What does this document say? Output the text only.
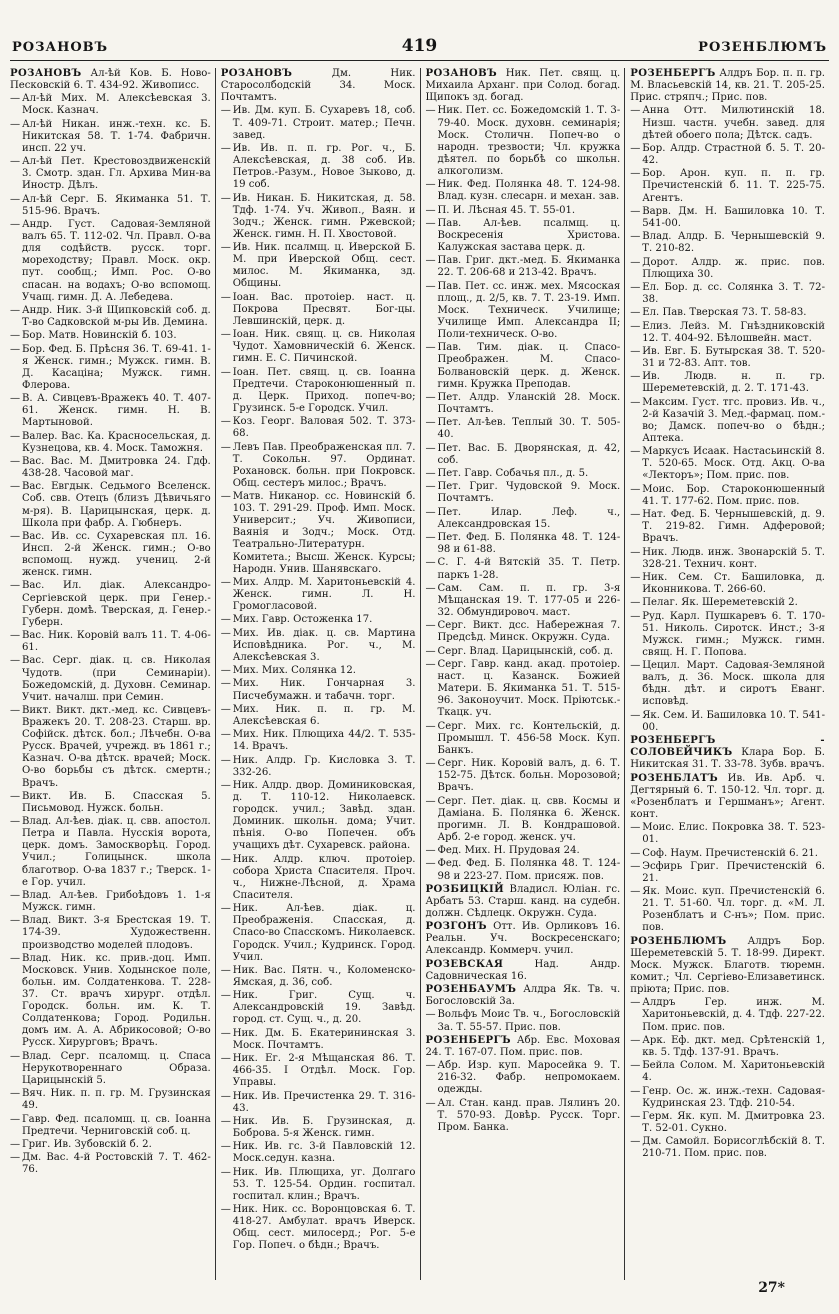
РОЗАНОВЪ	419	РОЗЕНБЛЮМЪ
РОЗАНОВЪ Ал-ѣй Ков. Б. Ново-Песковскій 6. Т. 434-92. Живописс.
— Ал-ѣй Мих. М. Алексѣевская 3. Моск. Казнач.
— Ал-ѣй Никан. инж.-техн. кс. Б. Никитская 58. Т. 1-74. Фабричн. инсп. 22 уч.
— Ал-ѣй Пет. Крестовоздвиженскій 3. Смотр. здан. Гл. Архива Мин-ва Иностр. Дѣлъ.
— Ал-ѣй Серг. Б. Якиманка 51. Т. 515-96. Врачъ.
— Андр. Густ. Садовая-Земляной валъ 65. Т. 112-02. Чл. Правл. О-ва для содѣйств. русск. торг. мореходству; Правл. Моск. окр. пут. сообщ.; Имп. Рос. О-во спасан. на водахъ; О-во вспомощ. Учащ. гимн. Д. А. Лебедева.
— Андр. Ник. 3-й Щипковскій соб. д. Т-во Садковской м-ры Ив. Демина.
— Бор. Матв. Новинскій б. 103.
— Бор. Фед. Б. Прѣсня 36. Т. 69-41. 1-я Женск. гимн.; Мужск. гимн. В. Д. Касаціна; Мужск. гимн. Флерова.
— В. А. Сивцевъ-Вражекъ 40. Т. 407-61. Женск. гимн. Н. В. Мартыновой.
— Валер. Вас. Ка. Красносельская, д. Кузнецова, кв. 4. Моск. Таможня.
— Вас. Вас. М. Дмитровка 24. Гдф. 438-28. Часовой маг.
— Вас. Евгдык. Седьмого Вселенск. Соб. свв. Отецъ (близъ Дѣвичьяго м-ря). В. Царицынская, церк. д. Школа при фабр. А. Гюбнеръ.
— Вас. Ив. сс. Сухаревская пл. 16. Инсп. 2-й Женск. гимн.; О-во вспомощ. нужд. учениц. 2-й женск. гимн.
— Вас. Ил. діак. Александро-Сергіевской церк. при Генер.-Губерн. домѣ. Тверская, д. Генер.-Губерн.
— Вас. Ник. Коровій валъ 11. Т. 4-06-61.
— Вас. Серг. діак. ц. св. Николая Чудотв. (при Семинаріи). Божедомскій, д. Духовн. Семинар. Учит. началш. при Семин.
— Викт. Викт. дкт.-мед. кс. Сивцевъ-Вражекъ 20. Т. 208-23. Старш. вр. Софійск. дѣтск. бол.; Лѣчебн. О-ва Русск. Врачей, учрежд. въ 1861 г.; Казнач. О-ва дѣтск. врачей; Моск. О-во борьбы съ дѣтск. смертн.; Врачъ.
— Викт. Ив. Б. Спасская 5. Письмовод. Нужск. больн.
— Влад. Ал-ѣев. діак. ц. свв. апостол. Петра и Павла. Нусскія ворота, церк. домъ. Замоскворѣц. Город. Учил.; Голицынск. школа благотвор. О-ва 1837 г.; Тверск. 1-е Гор. учил.
— Влад. Ал-ѣев. Грибоѣдовъ 1. 1-я Мужск. гимн.
— Влад. Викт. 3-я Брестская 19. Т. 174-39. Художественн. производство моделей плодовъ.
— Влад. Ник. кс. прив.-доц. Имп. Московск. Унив. Ходынское поле, больн. им. Солдатенкова. Т. 228-37. Ст. врачъ хирург. отдѣл. Городск. больн. им. К. Т. Солдатенкова; Город. Родильн. домъ им. А. А. Абрикосовой; О-во Русск. Хирурговъ; Врачъ.
— Влад. Серг. псаломщ. ц. Спаса Нерукотвореннаго Образа. Царицынскій 5.
— Вяч. Ник. п. п. гр. М. Грузинская 49.
— Гавр. Фед. псаломщ. ц. св. Іоанна Предтечи. Черниговскій соб. ц.
— Григ. Ив. Зубовскій б. 2.
— Дм. Вас. 4-й Ростовскій 7. Т. 462-76.
РОЗАНОВЪ	Дм. Ник. Старосолбодскій 34. Моск. Почтамтъ.
— Ив. Дм. куп. Б. Сухаревъ 18, соб. Т. 409-71. Строит. матер.; Печн. завед.
— Ив. Ив. п. п. гр. Рог. ч., Б. Алексѣевская, д. 38 соб. Ив. Петров.-Разум., Новое Зыково, д. 19 соб.
— Ив. Никан. Б. Никитская, д. 58. Тдф. 1-74. Уч. Живоп., Ваян. и Зодч.; Женск. гимн. Ржевской; Женск. гимн. Н. П. Хвостовой.
— Ив. Ник. псалмщ. ц. Иверской Б. М. при Иверской Общ. сест. милос. М. Якиманка, зд. Общины.
— Іоан. Вас. протоіер. наст. ц. Покрова Пресвят. Бог-цы. Левшинскій, церк. д.
— Іоан. Ник. свящ. ц. св. Николая Чудот. Хамовническій 6. Женск. гимн. Е. С. Пичинской.
— Іоан. Пет. свящ. ц. св. Іоанна Предтечи. Староконюшенный п. д. Церк. Приход. попеч-во; Грузинск. 5-е Городск. Учил.
— Коз. Георг. Валовая 502. Т. 373-68.
— Левъ Пав. Преображенская пл. 7. Т. Сокольн. 97. Ординат. Рохановск. больн. при Покровск. Общ. сестеръ милос.; Врачъ.
— Матв. Никанор. сс. Новинскій б. 103. Т. 291-29. Проф. Имп. Моск. Университ.; Уч. Живописи, Ваянія и Зодч.; Моск. Отд. Театрально-Литературн. Комитета.; Высш. Женск. Курсы; Народн. Унив. Шанявскаго.
— Мих. Алдр. М. Харитоньевскій 4. Женск. гимн. Л. Н. Громогласовой.
— Мих. Гавр. Остоженка 17.
— Мих. Ив. діак. ц. св. Мартина Исповѣдника. Рог. ч., М. Алексѣевская 3.
— Мих. Мих. Солянка 12.
— Мих. Ник. Гончарная 3. Писчебумажн. и табачн. торг.
— Мих. Ник. п. п. гр. М. Алексѣевская 6.
— Мих. Ник. Плющиха 44/2. Т. 535-14. Врачъ.
— Ник. Алдр. Гр. Кисловка 3. Т. 332-26.
— Ник. Алдр. двор. Доминиковская, д. Т. 110-12. Николаевск. городск. учил.; Завѣд. здан. Доминик. школьн. дома; Учит. пѣнія. О-во Попечен. объ учащихъ дѣт. Сухаревск. района.
— Ник. Алдр. ключ. протоіер. собора Христа Спасителя. Проч. ч., Нижне-Лѣсной, д. Храма Спасителя.
— Ник. Ал-ѣев. діак. ц. Преображенія. Спасская, д. Спасо-во Спасскомъ. Николаевск. Городск. Учил.; Кудринск. Город. Учил.
— Ник. Вас. Пятн. ч., Коломенско-Ямская, д. 36, соб.
— Ник. Григ. Сущ. ч. Александровскій 19. Завѣд. город. ст. Сущ. ч., д. 20.
— Ник. Дм. Б. Екатерининская 3. Моск. Почтамтъ.
— Ник. Ег. 2-я Мѣщанская 86. Т. 466-35. I Отдѣл. Моск. Гор. Управы.
— Ник. Ив. Пречистенка 29. Т. 316-43.
— Ник. Ив. Б. Грузинская, д. Боброва. 5-я Женск. гимн.
— Ник. Ив. гс. 3-й Павловскій 12. Моск.седун. казна.
— Ник. Ив. Плющиха, уг. Долгаго 53. Т. 125-54. Ордин. госпитал. госпитал. клин.; Врачъ.
— Ник. Ник. сс. Воронцовская 6. Т. 418-27. Амбулат. врачъ Иверск. Общ. сест. милосерд.; Рог. 5-е Гор. Попеч. о бѣдн.; Врачъ.
РОЗАНОВЪ Ник. Пет. свящ. ц. Михаила Арханг. при Солод. богад. Щипокъ зд. богад.
— Ник. Пет. сс. Божедомскій 1. Т. 3-79-40. Моск. духовн. семинарія; Моск. Столичн. Попеч-во о народн. трезвости; Чл. кружка дѣятел. по борьбѣ со школьн. алкоголизм.
— Ник. Фед. Полянка 48. Т. 124-98. Влад. кузн. слесарн. и механ. зав.
— П. И. Лѣсная 45. Т. 55-01.
— Пав. Ал-ѣев. псалмщ. ц. Воскресенія Христова. Калужская застава церк. д.
— Пав. Григ. дкт.-мед. Б. Якиманка 22. Т. 206-68 и 213-42. Врачъ.
— Пав. Пет. сс. инж. мех. Мясоская площ., д. 2/5, кв. 7. Т. 23-19. Имп. Моск. Техническ. Училище; Училище Имп. Александра II; Поли-техническ. О-во.
— Пав. Тим. діак. ц. Спасо-Преображен. М. Спасо-Болвановскій церк. д. Женск. гимн. Кружка Преподав.
— Пет. Алдр. Уланскій 28. Моск. Почтамтъ.
— Пет. Ал-ѣев. Теплый 30. Т. 505-40.
— Пет. Вас. Б. Дворянская, д. 42, соб.
— Пет. Гавр. Собачья пл., д. 5.
— Пет. Григ. Чудовской 9. Моск. Почтамтъ.
— Пет. Илар. Леф. ч., Александровская 15.
— Пет. Фед. Б. Полянка 48. Т. 124-98 и 61-88.
— С. Г. 4-й Вятскій 35. Т. Петр. паркъ 1-28.
— Сам. Сам. п. п. гр. 3-я Мѣщанская 19. Т. 177-05 и 226-32. Обмундировоч. маст.
— Серг. Викт. дсс. Набережная 7. Предсѣд. Минск. Окружн. Суда.
— Серг. Влад. Царицынскій, соб. д.
— Серг. Гавр. канд. акад. протоіер. наст. ц. Казанск. Божией Матери. Б. Якиманка 51. Т. 515-96. Законоучит. Моск. Пріютськ.-Ткацк. уч.
— Серг. Мих. гс. Контельскій, д. Промышл. Т. 456-58 Моск. Куп. Банкъ.
— Серг. Ник. Коровій валъ, д. 6. Т. 152-75. Дѣтск. больн. Морозовой; Врачъ.
— Серг. Пет. діак. ц. свв. Космы и Даміана. Б. Полянка 6. Женск. прогимн. Л. В. Кондрашовой. Арб. 2-е город. женск. уч.
— Фед. Мих. Н. Прудовая 24.
— Фед. Фед. Б. Полянка 48. Т. 124-98 и 223-27. Пом. присяж. пов.
РОЗБИЦКІЙ Владисл. Юліан. гс. Арбатъ 53. Старш. канд. на судебн. должн. Сѣдлецк. Окружн. Суда.
РОЗГОНЪ Отт. Ив. Орликовъ 16. Реальн. Уч. Воскресенскаго; Александр. Коммерч. учил.
РОЗЕВСКАЯ	Над. Андр. Садовническая 16.
РОЗЕНБАУМЪ Алдра Як. Тв. ч. Богословскій 3а.
— Вольфъ Моис Тв. ч., Богословскій 3а. Т. 55-57. Прис. пов.
РОЗЕНБЕРГЪ Абр. Евс. Моховая 24. Т. 167-07. Пом. прис. пов.
— Абр. Изр. куп. Маросейка 9. Т. 216-32. Фабр. непромокаем. одежды.
— Ал. Стан. канд. прав. Лялинъ 20. Т. 570-93. Довѣр. Русск. Торг. Пром. Банка.
РОЗЕНБЕРГЪ Алдръ Бор. п. п. гр. М. Власьевскій 14, кв. 21. Т. 205-25. Прис. стряпч.; Прис. пов.
— Анна Отт. Милютинскій 18. Низш. частн. учебн. завед. для дѣтей обоего пола; Дѣтск. садъ.
— Бор. Алдр. Страстной б. 5. Т. 20-42.
— Бор. Арон. куп. п. п. гр. Пречистенскій б. 11. Т. 225-75. Агентъ.
— Варв. Дм. Н. Башиловка 10. Т. 541-00.
— Влад. Алдр. Б. Чернышевскій 9. Т. 210-82.
— Дорот. Алдр. ж. прис. пов. Плющиха 30.
— Ел. Бор. д. сс. Солянка 3. Т. 72-38.
— Ел. Пав. Тверская 73. Т. 58-83.
— Елиз. Лейз. М. Гнѣздниковскій 12. Т. 404-92. Бѣлошвейн. маст.
— Ив. Евг. Б. Бутырская 38. Т. 520-31 и 72-83. Апт. тов.
— Ив. Людв. н. п. гр. Шереметевскій, д. 2. Т. 171-43.
— Максим. Густ. тгс. провиз. Ив. ч., 2-й Казачій 3. Мед.-фармац. пом.-во; Дамск. попеч-во о бѣдн.; Аптека.
— Маркусъ Исаак. Настасьинскій 8. Т. 520-65. Моск. Отд. Акц. О-ва «Лекторъ»; Пом. прис. пов.
— Моис. Бор. Староконюшенный 41. Т. 177-62. Пом. прис. пов.
— Нат. Фед. Б. Чернышевскій, д. 9. Т. 219-82. Гимн. Адферовой; Врачъ.
— Ник. Людв. инж. Звонарскій 5. Т. 328-21. Технич. конт.
— Ник. Сем. Ст. Башиловка, д. Иконникова. Т. 266-60.
— Пелаг. Як. Шереметевскій 2.
— Руд. Карл. Пушкаревъ 6. Т. 170-51. Николь. Сиротск. Инст.; 3-я Мужск. гимн.; Мужск. гимн. свящ. Н. Г. Попова.
— Цецил. Март. Садовая-Земляной валъ, д. 36. Моск. школа для бѣдн. дѣт. и сиротъ Еванг. исповѣд.
— Як. Сем. И. Башиловка 10. Т. 541-00.
РОЗЕНБЕРГЪ - СОЛОВЕЙЧИКЪ Клара Бор. Б. Никитская 31. Т. 33-78. Зубв. врачъ.
РОЗЕНБЛАТЪ Ив. Ив. Арб. ч. Дегтярный 6. Т. 150-12. Чл. торг. д. «Розенблатъ и Гершманъ»; Агент. конт.
— Моис. Елис. Покровка 38. Т. 523-01.
— Соф. Наум. Пречистенскій 6. 21.
— Эсфирь Григ. Пречистенскій 6. 21.
— Як. Моис. куп. Пречистенскій 6. 21. Т. 51-60. Чл. торг. д. «М. Л. Розенблатъ и С-нъ»; Пом. прис. пов.
РОЗЕНБЛЮМЪ Алдръ Бор. Шереметевскій 5. Т. 18-99. Директ. Моск. Мужск. Благотв. тюремн. комит.; Чл. Сергіево-Елизаветинск. пріюта; Прис. пов.
— Алдръ Гер. инж. М. Харитоньевскій, д. 4. Тдф. 227-22. Пом. прис. пов.
— Арк. Еф. дкт. мед. Срѣтенскій 1, кв. 5. Тдф. 137-91. Врачъ.
— Бейла Солом. М. Харитоньевскій 4.
— Генр. Ос. ж. инж.-техн. Садовая-Кудринская 23. Тдф. 210-54.
— Герм. Як. куп. М. Дмитровка 23. Т. 52-01. Сукно.
— Дм. Самойл. Борисоглѣбскій 8. Т. 210-71. Пом. прис. пов.
27*
